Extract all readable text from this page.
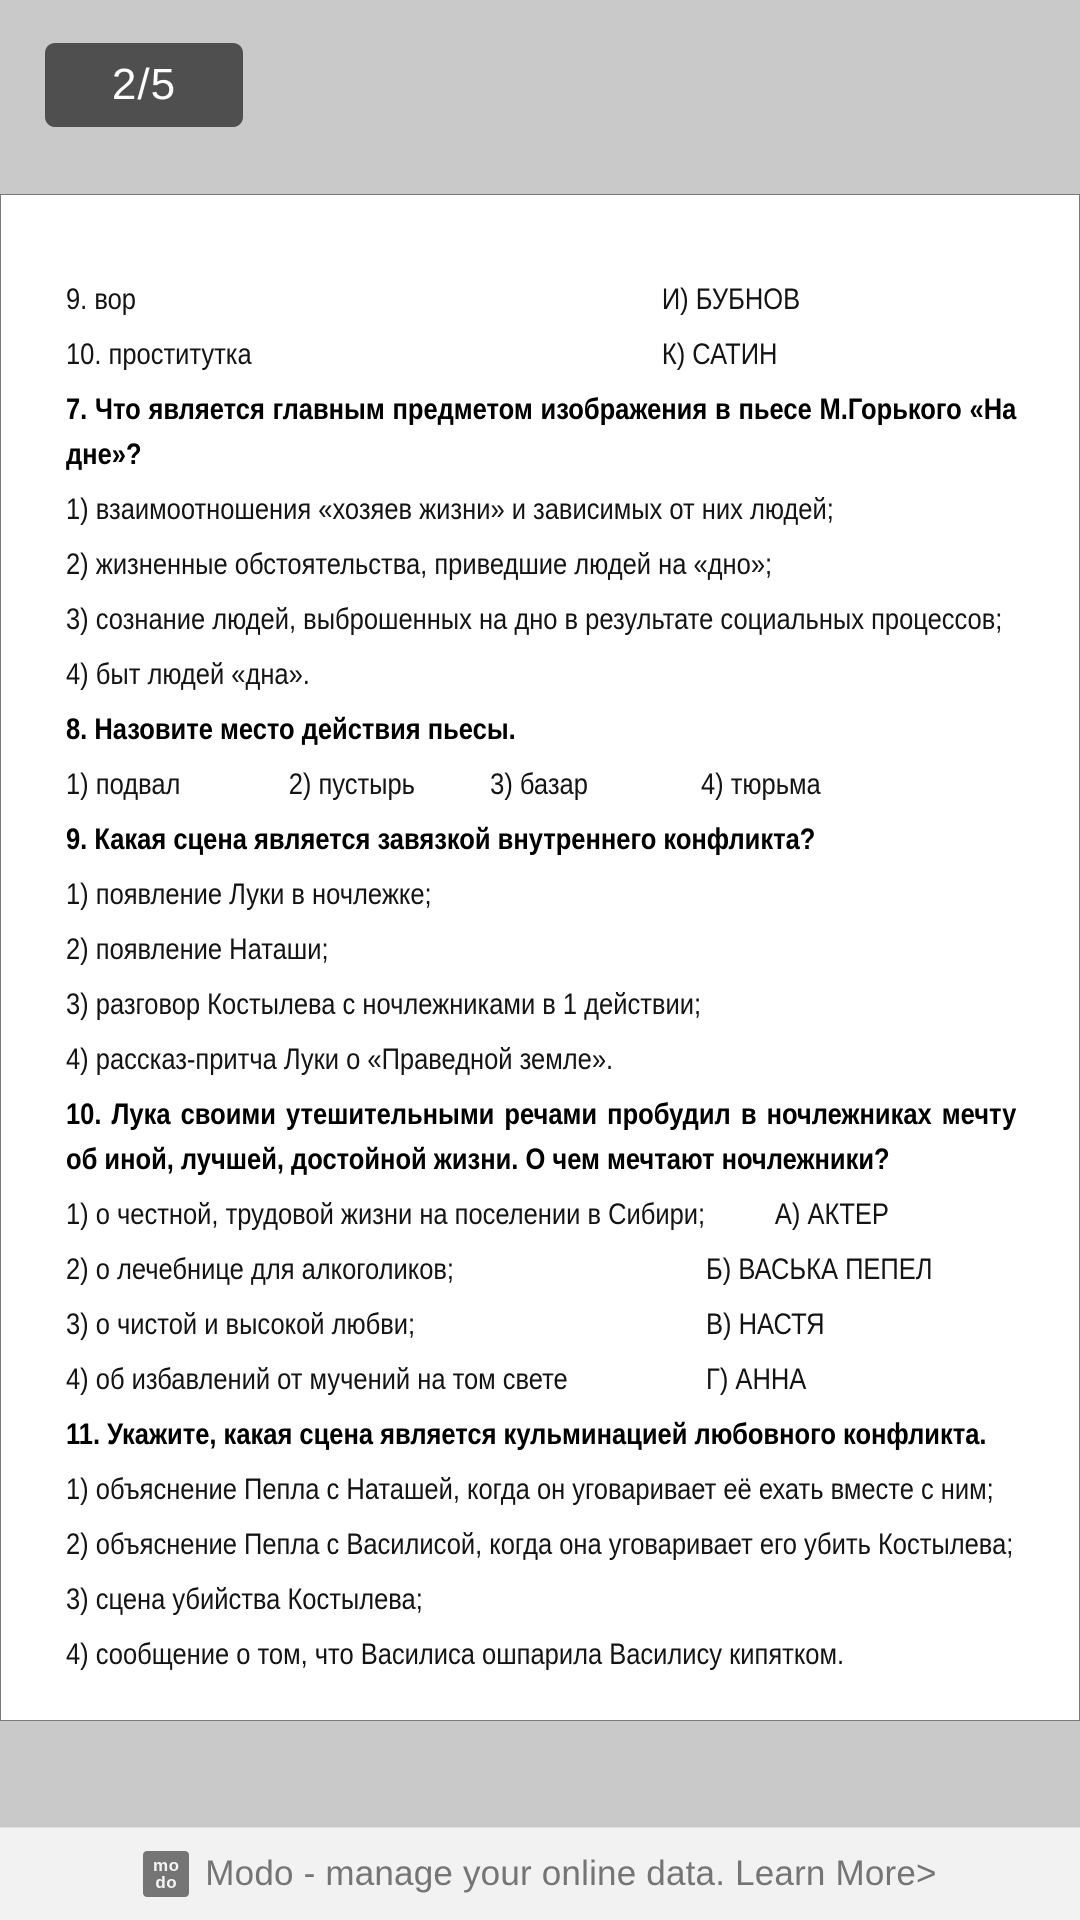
2/5

9. вор	И) БУБНОВ

10. проститутка	К) САТИН

7. Что является главным предметом изображения в пьесе М.Горького «На дне»?

1) взаимоотношения «хозяев жизни» и зависимых от них людей;

2) жизненные обстоятельства, приведшие людей на «дно»;

3) сознание людей, выброшенных на дно в результате социальных процессов;

4) быт людей «дна».

8. Назовите место действия пьесы.

1) подвал	2) пустырь	3) базар	4) тюрьма

9. Какая сцена является завязкой внутреннего конфликта?

1) появление Луки в ночлежке;

2) появление Наташи;

3) разговор Костылева с ночлежниками в 1 действии;

4) рассказ-притча Луки о «Праведной земле».

10. Лука своими утешительными речами пробудил в ночлежниках мечту об иной, лучшей, достойной жизни. О чем мечтают ночлежники?

1) о честной, трудовой жизни на поселении в Сибири; А) АКТЕР

2) о лечебнице для алкоголиков;	Б) ВАСЬКА ПЕПЕЛ

3) о чистой и высокой любви;	В) НАСТЯ

4) об избавлений от мучений на том свете	Г) АННА

11. Укажите, какая сцена является кульминацией любовного конфликта.

1) объяснение Пепла с Наташей, когда он уговаривает её ехать вместе с ним;

2) объяснение Пепла с Василисой, когда она уговаривает его убить Костылева;

3) сцена убийства Костылева;

4) сообщение о том, что Василиса ошпарила Василису кипятком.

mo
do Modo - manage your online data. Learn More>
